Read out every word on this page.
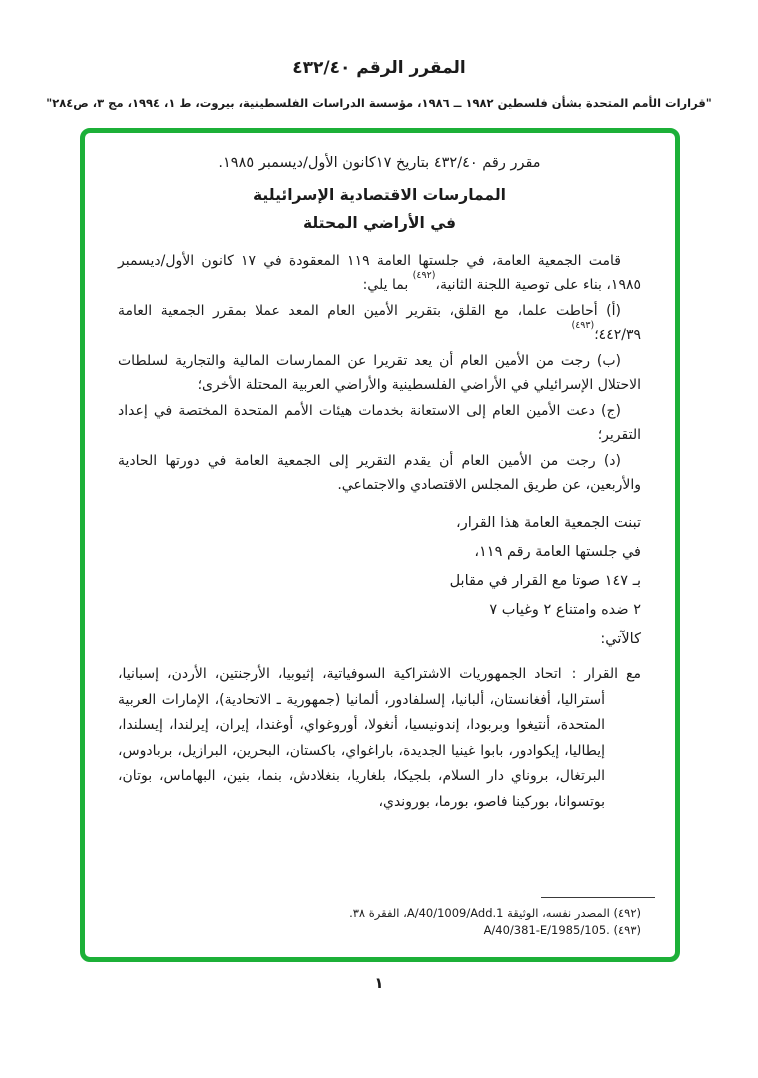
المقرر الرقم ٤٣٢/٤٠
"قرارات الأمم المتحدة بشأن فلسطين ١٩٨٢ ــ ١٩٨٦، مؤسسة الدراسات الفلسطينية، بيروت، ط ١، ١٩٩٤، مج ٣، ص٢٨٤"
مقرر رقم ٤٣٢/٤٠ بتاريخ ١٧كانون الأول/ديسمبر ١٩٨٥.
الممارسات الاقتصادية الإسرائيلية
في الأراضي المحتلة

قامت الجمعية العامة، في جلستها العامة ١١٩ المعقودة في ١٧ كانون الأول/ديسمبر ١٩٨٥، بناء على توصية اللجنة الثانية،$^{(٤٩٢)}$ بما يلي:

(أ) أحاطت علما، مع القلق، بتقرير الأمين العام المعد عملا بمقرر الجمعية العامة ٤٤٢/٣٩؛$^{(٤٩٣)}$

(ب) رجت من الأمين العام أن يعد تقريرا عن الممارسات المالية والتجارية لسلطات الاحتلال الإسرائيلي في الأراضي الفلسطينية والأراضي العربية المحتلة الأخرى؛

(ج) دعت الأمين العام إلى الاستعانة بخدمات هيئات الأمم المتحدة المختصة في إعداد التقرير؛

(د) رجت من الأمين العام أن يقدم التقرير إلى الجمعية العامة في دورتها الحادية والأربعين، عن طريق المجلس الاقتصادي والاجتماعي.

تبنت الجمعية العامة هذا القرار،
في جلستها العامة رقم ١١٩،
بـ ١٤٧ صوتا مع القرار في مقابل
٢ ضده وامتناع ٢ وغياب ٧
كالآتي:
مع القرار :اتحاد الجمهوريات الاشتراكية السوفياتية، إثيوبيا، الأرجنتين، الأردن، إسبانيا، أستراليا، أفغانستان، ألبانيا، إلسلفادور، ألمانيا (جمهورية ـ الاتحادية)، الإمارات العربية المتحدة، أنتيغوا وبربودا، إندونيسيا، أنغولا، أوروغواي، أوغندا، إيران، إيرلندا، إيسلندا، إيطاليا، إيكوادور، بابوا غينيا الجديدة، باراغواي، باكستان، البحرين، البرازيل، بربادوس، البرتغال، بروناي دار السلام، بلجيكا، بلغاريا، بنغلادش، بنما، بنين، البهاماس، بوتان، بوتسوانا، بوركينا فاصو، بورما، بوروندي،
(٤٩٢) المصدر نفسه، الوثيقة A/40/1009/Add.1، الفقرة ٣٨.
(٤٩٣) A/40/381-E/1985/105.
١
